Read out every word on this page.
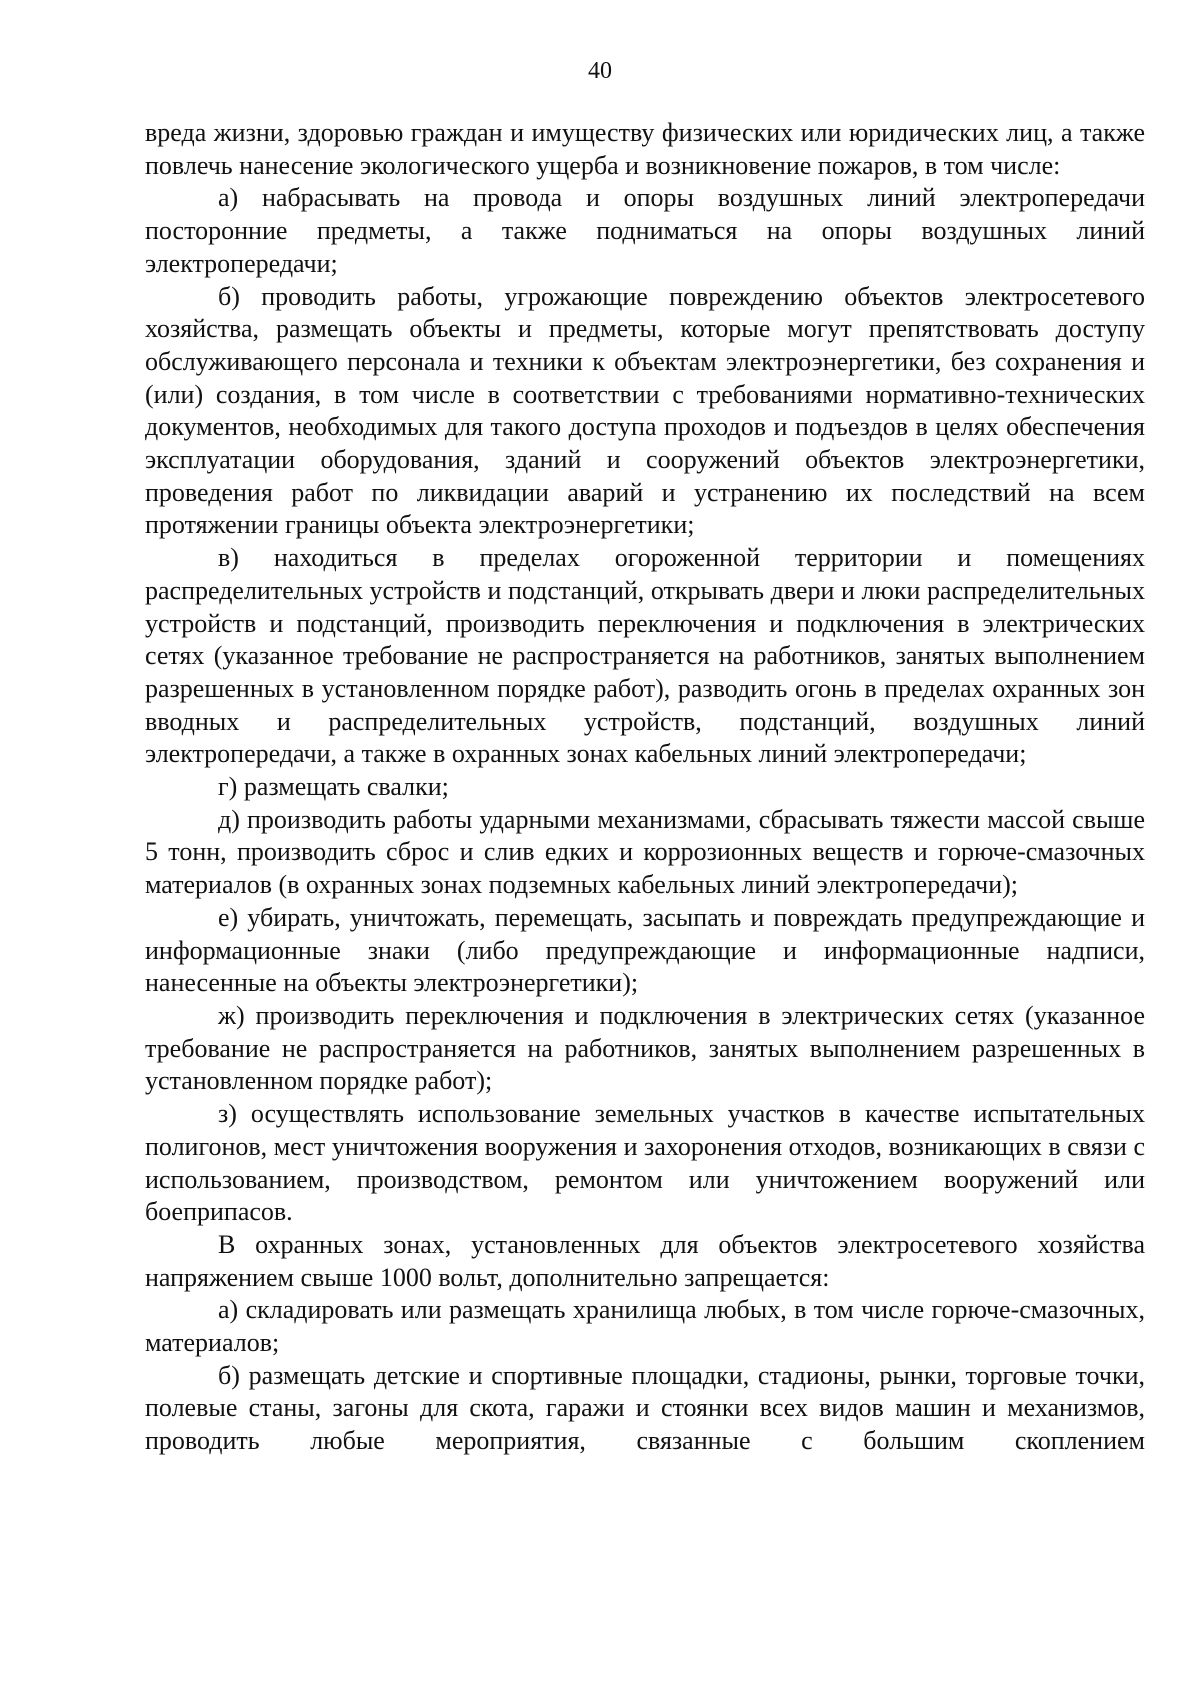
40

вреда жизни, здоровью граждан и имуществу физических или юридических лиц, а также повлечь нанесение экологического ущерба и возникновение пожаров, в том числе:

а) набрасывать на провода и опоры воздушных линий электропередачи посторонние предметы, а также подниматься на опоры воздушных линий электропередачи;

б) проводить работы, угрожающие повреждению объектов электросетевого хозяйства, размещать объекты и предметы, которые могут препятствовать доступу обслуживающего персонала и техники к объектам электроэнергетики, без сохранения и (или) создания, в том числе в соответствии с требованиями нормативно-технических документов, необходимых для такого доступа проходов и подъездов в целях обеспечения эксплуатации оборудования, зданий и сооружений объектов электроэнергетики, проведения работ по ликвидации аварий и устранению их последствий на всем протяжении границы объекта электроэнергетики;

в) находиться в пределах огороженной территории и помещениях распределительных устройств и подстанций, открывать двери и люки распределительных устройств и подстанций, производить переключения и подключения в электрических сетях (указанное требование не распространяется на работников, занятых выполнением разрешенных в установленном порядке работ), разводить огонь в пределах охранных зон вводных и распределительных устройств, подстанций, воздушных линий электропередачи, а также в охранных зонах кабельных линий электропередачи;

г) размещать свалки;

д) производить работы ударными механизмами, сбрасывать тяжести массой свыше 5 тонн, производить сброс и слив едких и коррозионных веществ и горюче-смазочных материалов (в охранных зонах подземных кабельных линий электропередачи);

е) убирать, уничтожать, перемещать, засыпать и повреждать предупреждающие и информационные знаки (либо предупреждающие и информационные надписи, нанесенные на объекты электроэнергетики);

ж) производить переключения и подключения в электрических сетях (указанное требование не распространяется на работников, занятых выполнением разрешенных в установленном порядке работ);

з) осуществлять использование земельных участков в качестве испытательных полигонов, мест уничтожения вооружения и захоронения отходов, возникающих в связи с использованием, производством, ремонтом или уничтожением вооружений или боеприпасов.

В охранных зонах, установленных для объектов электросетевого хозяйства напряжением свыше 1000 вольт, дополнительно запрещается:

а) складировать или размещать хранилища любых, в том числе горюче-смазочных, материалов;

б) размещать детские и спортивные площадки, стадионы, рынки, торговые точки, полевые станы, загоны для скота, гаражи и стоянки всех видов машин и механизмов, проводить любые мероприятия, связанные с большим скоплением
